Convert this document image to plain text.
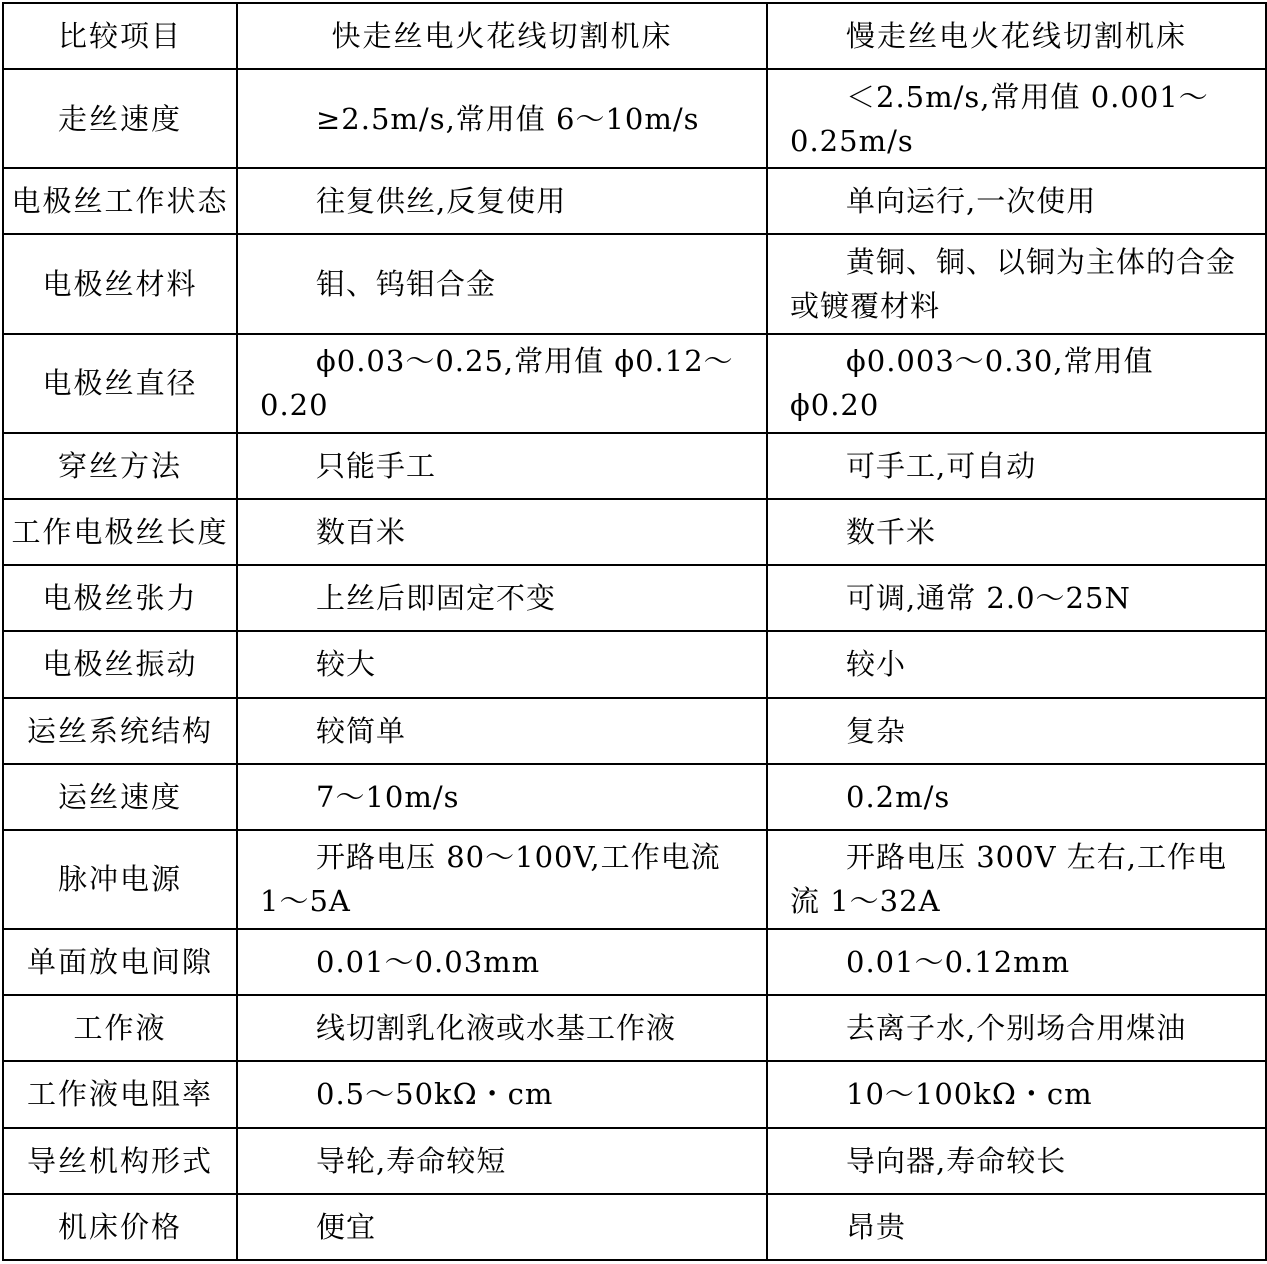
比较项目	快走丝电火花线切割机床	慢走丝电火花线切割机床
走丝速度	≥2.5m/s,常用值 6～10m/s	＜2.5m/s,常用值 0.001～0.25m/s
电极丝工作状态	往复供丝,反复使用	单向运行,一次使用
电极丝材料	钼、钨钼合金	黄铜、铜、以铜为主体的合金或镀覆材料
电极丝直径	ϕ0.03～0.25,常用值 ϕ0.12～0.20	ϕ0.003～0.30,常用值 ϕ0.20
穿丝方法	只能手工	可手工,可自动
工作电极丝长度	数百米	数千米
电极丝张力	上丝后即固定不变	可调,通常 2.0～25N
电极丝振动	较大	较小
运丝系统结构	较简单	复杂
运丝速度	7～10m/s	0.2m/s
脉冲电源	开路电压 80～100V,工作电流 1～5A	开路电压 300V 左右,工作电流 1～32A
单面放电间隙	0.01～0.03mm	0.01～0.12mm
工作液	线切割乳化液或水基工作液	去离子水,个别场合用煤油
工作液电阻率	0.5～50kΩ・cm	10～100kΩ・cm
导丝机构形式	导轮,寿命较短	导向器,寿命较长
机床价格	便宜	昂贵
